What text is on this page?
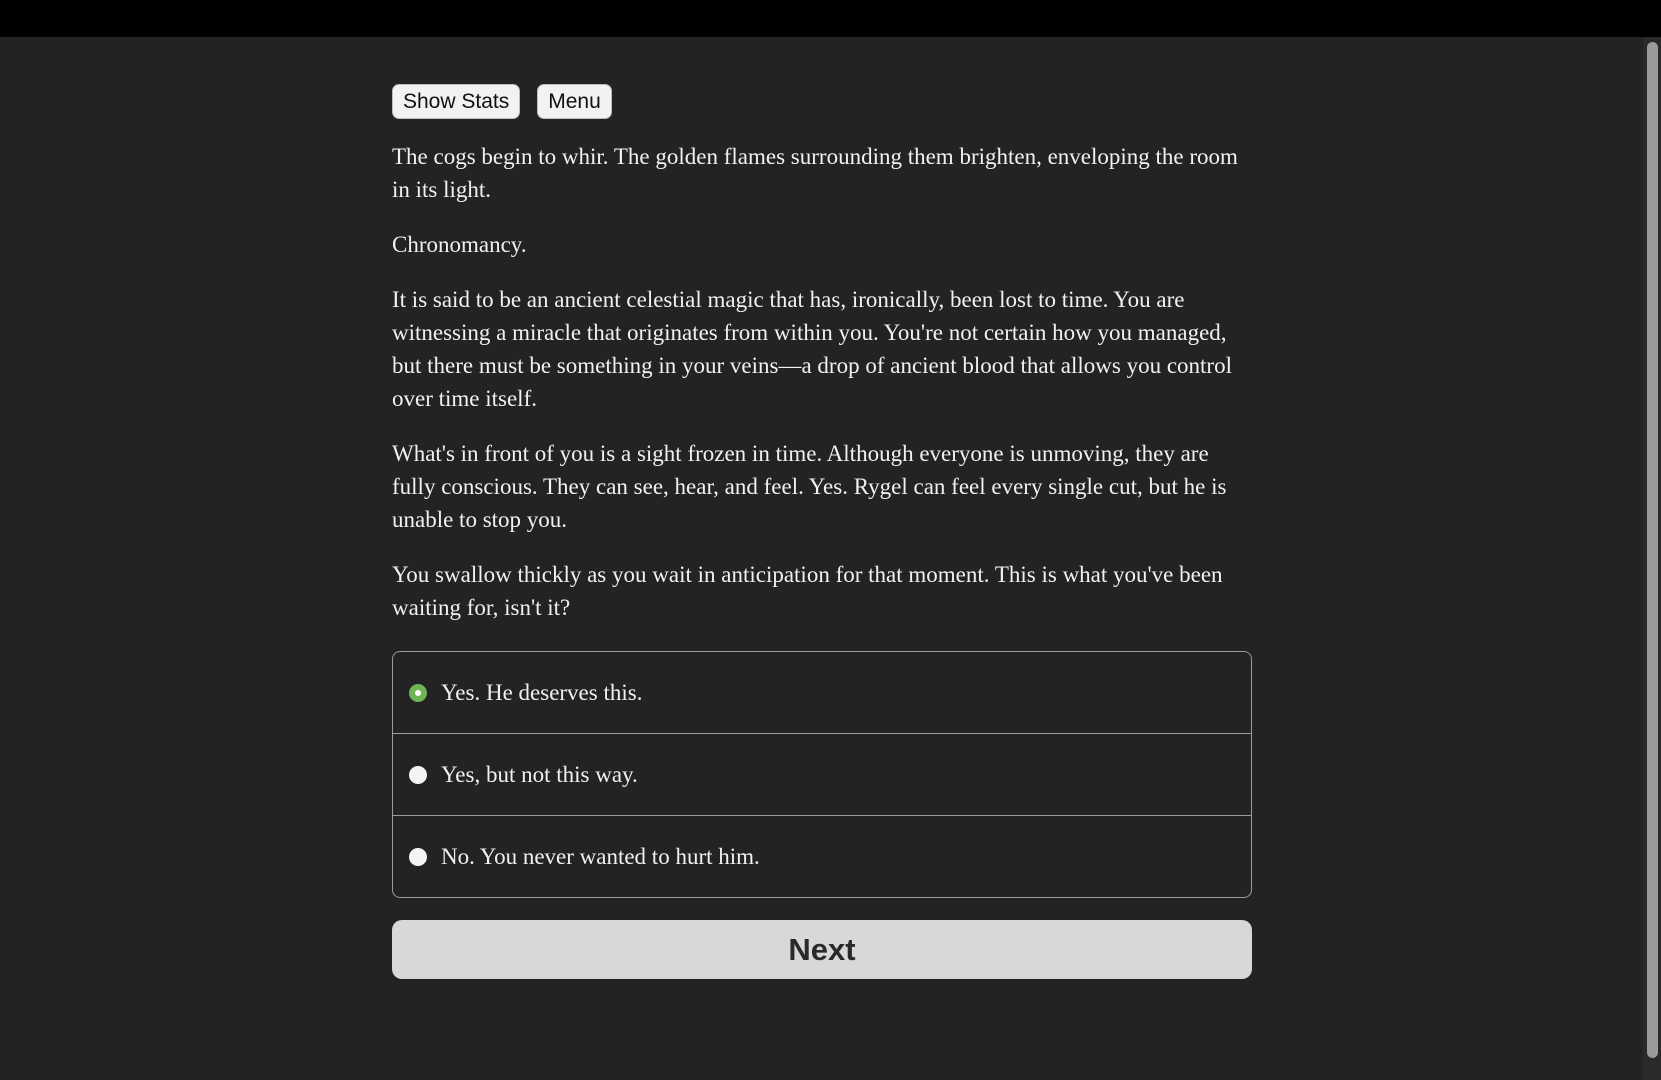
Show Stats	Menu

The cogs begin to whir. The golden flames surrounding them brighten, enveloping the room in its light.

Chronomancy.

It is said to be an ancient celestial magic that has, ironically, been lost to time. You are witnessing a miracle that originates from within you. You're not certain how you managed, but there must be something in your veins—a drop of ancient blood that allows you control over time itself.

What's in front of you is a sight frozen in time. Although everyone is unmoving, they are fully conscious. They can see, hear, and feel. Yes. Rygel can feel every single cut, but he is unable to stop you.

You swallow thickly as you wait in anticipation for that moment. This is what you've been waiting for, isn't it?

Yes. He deserves this.
Yes, but not this way.
No. You never wanted to hurt him.
Next
